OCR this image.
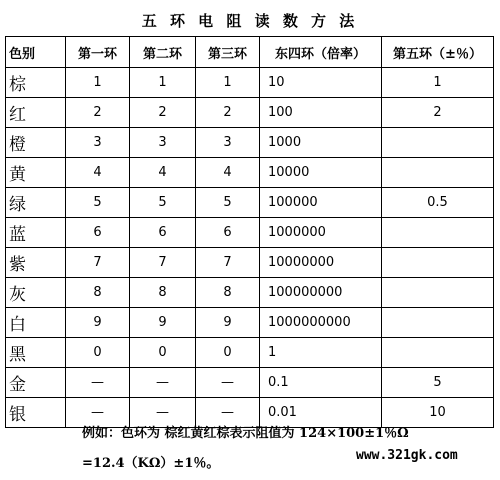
五 环 电 阻 读 数 方 法
色别	第一环	第二环	第三环	东四环（倍率）	第五环（±％）
棕	1	1	1	10	1
红	2	2	2	100	2
橙	3	3	3	1000	
黄	4	4	4	10000	
绿	5	5	5	100000	0.5
蓝	6	6	6	1000000	
紫	7	7	7	10000000	
灰	8	8	8	100000000	
白	9	9	9	1000000000	
黑	0	0	0	1	
金	—	—	—	0.1	5
银	—	—	—	0.01	10
例如：色环为 棕红黄红棕表示阻值为 124×100±1％Ω
=12.4（KΩ）±1％。
www.321gk.com
